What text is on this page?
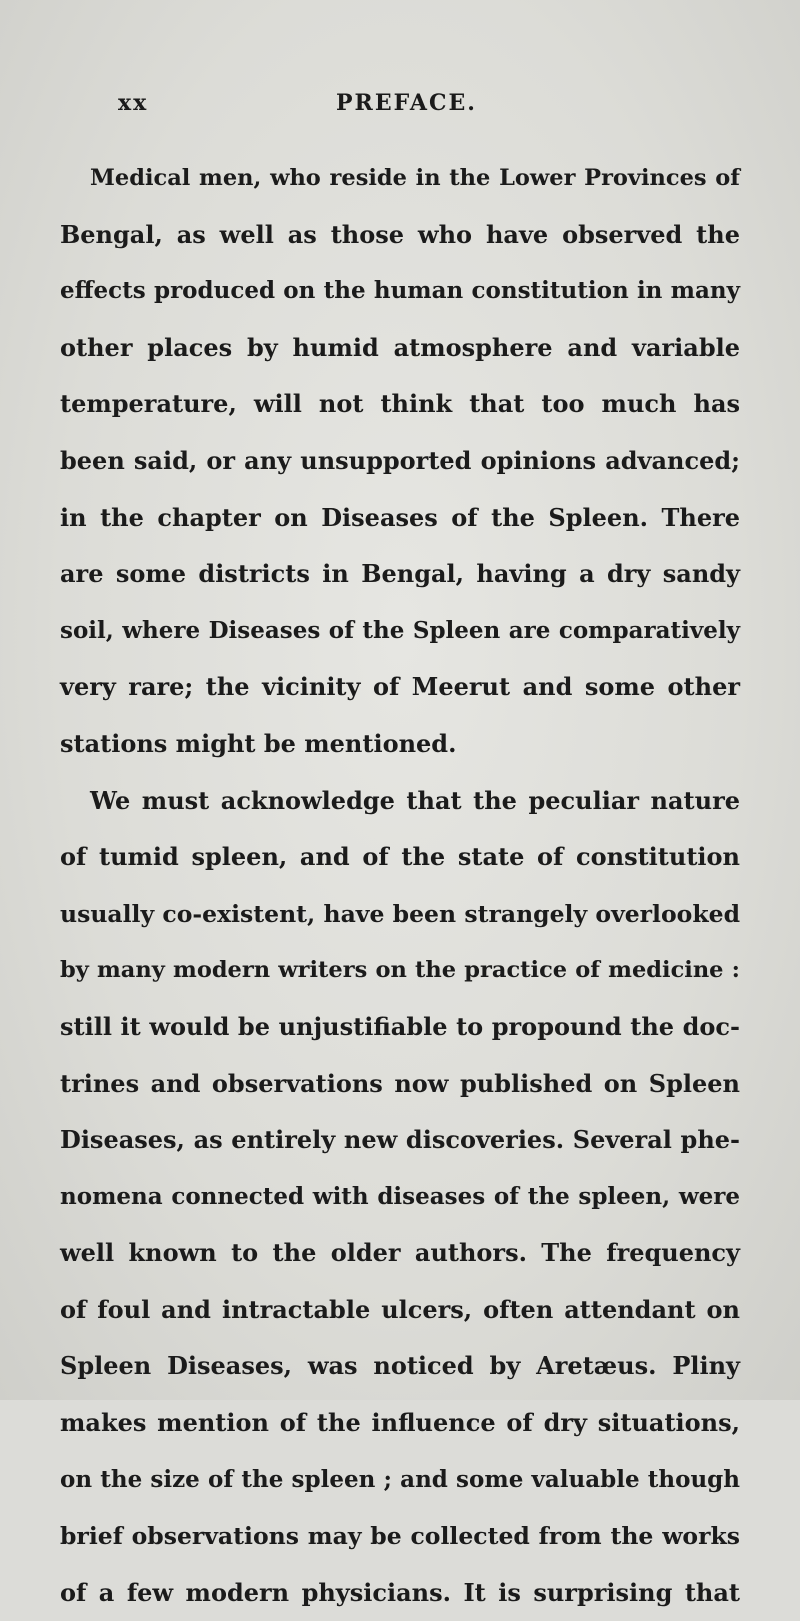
xx	PREFACE.
Medical men, who reside in the Lower Provinces of
Bengal, as well as those who have observed the
effects produced on the human constitution in many
other places by humid atmosphere and variable
temperature, will not think that too much has
been said, or any unsupported opinions advanced;
in the chapter on Diseases of the Spleen. There
are some districts in Bengal, having a dry sandy
soil, where Diseases of the Spleen are comparatively
very rare; the vicinity of Meerut and some other
stations might be mentioned.
We must acknowledge that the peculiar nature
of tumid spleen, and of the state of constitution
usually co-existent, have been strangely overlooked
by many modern writers on the practice of medicine :
still it would be unjustifiable to propound the doc-
trines and observations now published on Spleen
Diseases, as entirely new discoveries. Several phe-
nomena connected with diseases of the spleen, were
well known to the older authors. The frequency
of foul and intractable ulcers, often attendant on
Spleen Diseases, was noticed by Aretæus. Pliny
makes mention of the influence of dry situations,
on the size of the spleen ; and some valuable though
brief observations may be collected from the works
of a few modern physicians. It is surprising that
